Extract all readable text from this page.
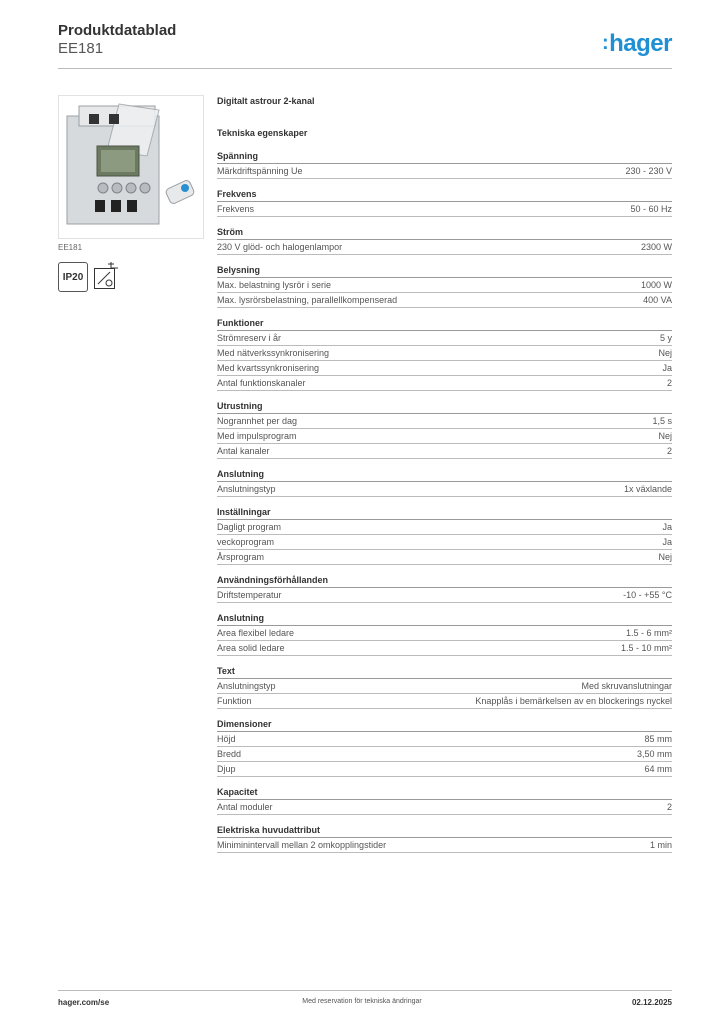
Produktdatablad
EE181	:hager
EE181
IP20
Digitalt astrour 2-kanal
Tekniska egenskaper
Spänning
Märkdriftspänning Ue	230 - 230 V
Frekvens
Frekvens	50 - 60 Hz
Ström
230 V glöd- och halogenlampor	2300 W
Belysning
Max. belastning lysrör i serie	1000 W
Max. lysrörsbelastning, parallellkompenserad	400 VA
Funktioner
Strömreserv i år	5 y
Med nätverkssynkronisering	Nej
Med kvartssynkronisering	Ja
Antal funktionskanaler	2
Utrustning
Nogrannhet per dag	1,5 s
Med impulsprogram	Nej
Antal kanaler	2
Anslutning
Anslutningstyp	1x växlande
Inställningar
Dagligt program	Ja
veckoprogram	Ja
Årsprogram	Nej
Användningsförhållanden
Driftstemperatur	-10 - +55 °C
Anslutning
Area flexibel ledare	1.5 - 6 mm²
Area solid ledare	1.5 - 10 mm²
Text
Anslutningstyp	Med skruvanslutningar
Funktion	Knapplås i bemärkelsen av en blockerings nyckel
Dimensioner
Höjd	85 mm
Bredd	3,50 mm
Djup	64 mm
Kapacitet
Antal moduler	2
Elektriska huvudattribut
Miniminintervall mellan 2 omkopplingstider	1 min
hager.com/se	Med reservation för tekniska ändringar	02.12.2025
